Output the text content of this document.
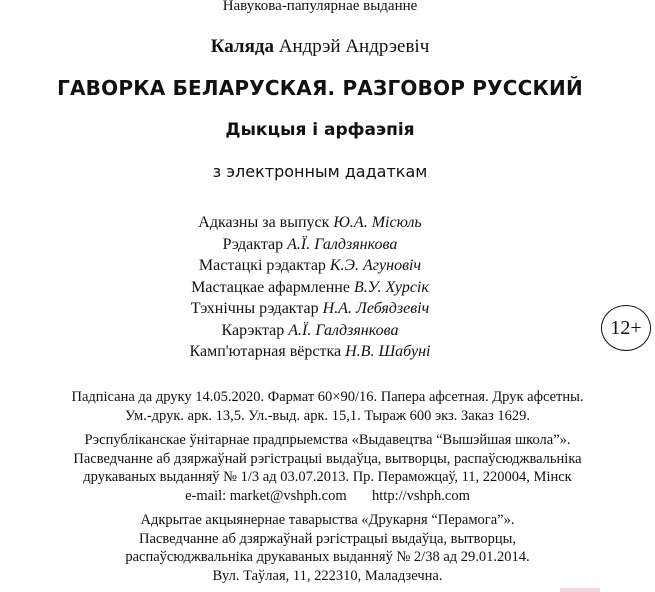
Навукова-папулярнае выданне
Каляда Андрэй Андрэевіч
ГАВОРКА БЕЛАРУСКАЯ. РАЗГОВОР РУССКИЙ
Дыкцыя і арфаэпія
з электронным дадаткам
Адказны за выпуск Ю.А. Місюль
Рэдактар А.Ї. Галдзянкова
Мастацкі рэдактар К.Э. Агуновіч
Мастацкае афармленне В.У. Хурсік
Тэхнічны рэдактар Н.А. Лебядзевіч
Карэктар А.Ї. Галдзянкова
Камп'ютарная вёрстка Н.В. Шабуні
12+
Падпісана да друку 14.05.2020. Фармат 60×90/16. Папера афсетная. Друк афсетны.
Ум.-друк. арк. 13,5. Ул.-выд. арк. 15,1. Тыраж 600 экз. Заказ 1629.
Рэспубліканскае ўнітарнае прадпрыемства «Выдавецтва “Вышэйшая школа”».
Пасведчанне аб дзяржаўнай рэгістрацыі выдаўца, вытворцы, распаўсюджвальніка
друкаваных выданняў № 1/3 ад 03.07.2013. Пр. Пераможцаў, 11, 220004, Мінск
e-mail: market@vshph.com http://vshph.com
Адкрытае акцыянернае таварыства «Друкарня “Перамога”».
Пасведчанне аб дзяржаўнай рэгістрацыі выдаўца, вытворцы,
распаўсюджвальніка друкаваных выданняў № 2/38 ад 29.01.2014.
Вул. Таўлая, 11, 222310, Маладзечна.
